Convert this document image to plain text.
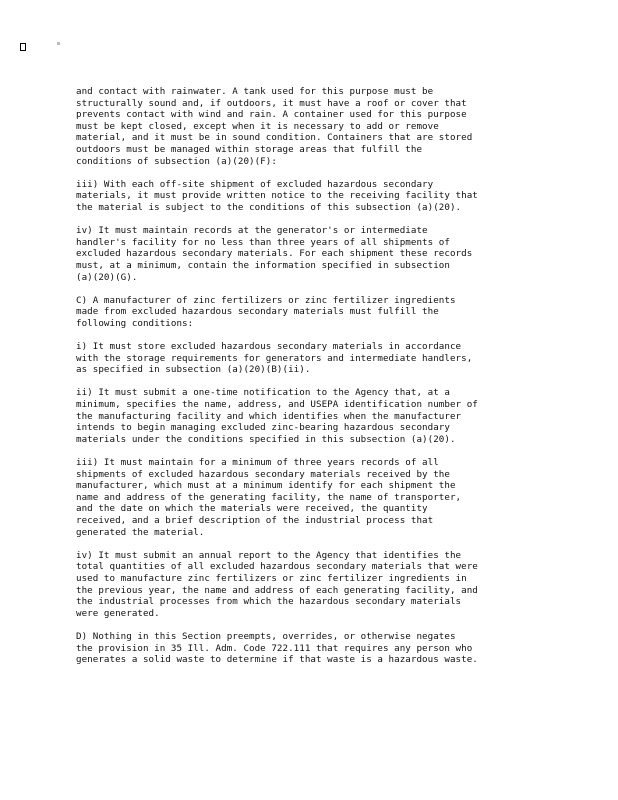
and contact with rainwater. A tank used for this purpose must be
structurally sound and, if outdoors, it must have a roof or cover that
prevents contact with wind and rain. A container used for this purpose
must be kept closed, except when it is necessary to add or remove
material, and it must be in sound condition. Containers that are stored
outdoors must be managed within storage areas that fulfill the
conditions of subsection (a)(20)(F):

iii) With each off-site shipment of excluded hazardous secondary
materials, it must provide written notice to the receiving facility that
the material is subject to the conditions of this subsection (a)(20).

iv) It must maintain records at the generator's or intermediate
handler's facility for no less than three years of all shipments of
excluded hazardous secondary materials. For each shipment these records
must, at a minimum, contain the information specified in subsection
(a)(20)(G).

C) A manufacturer of zinc fertilizers or zinc fertilizer ingredients
made from excluded hazardous secondary materials must fulfill the
following conditions:

i) It must store excluded hazardous secondary materials in accordance
with the storage requirements for generators and intermediate handlers,
as specified in subsection (a)(20)(B)(ii).

ii) It must submit a one-time notification to the Agency that, at a
minimum, specifies the name, address, and USEPA identification number of
the manufacturing facility and which identifies when the manufacturer
intends to begin managing excluded zinc-bearing hazardous secondary
materials under the conditions specified in this subsection (a)(20).

iii) It must maintain for a minimum of three years records of all
shipments of excluded hazardous secondary materials received by the
manufacturer, which must at a minimum identify for each shipment the
name and address of the generating facility, the name of transporter,
and the date on which the materials were received, the quantity
received, and a brief description of the industrial process that
generated the material.

iv) It must submit an annual report to the Agency that identifies the
total quantities of all excluded hazardous secondary materials that were
used to manufacture zinc fertilizers or zinc fertilizer ingredients in
the previous year, the name and address of each generating facility, and
the industrial processes from which the hazardous secondary materials
were generated.

D) Nothing in this Section preempts, overrides, or otherwise negates
the provision in 35 Ill. Adm. Code 722.111 that requires any person who
generates a solid waste to determine if that waste is a hazardous waste.
